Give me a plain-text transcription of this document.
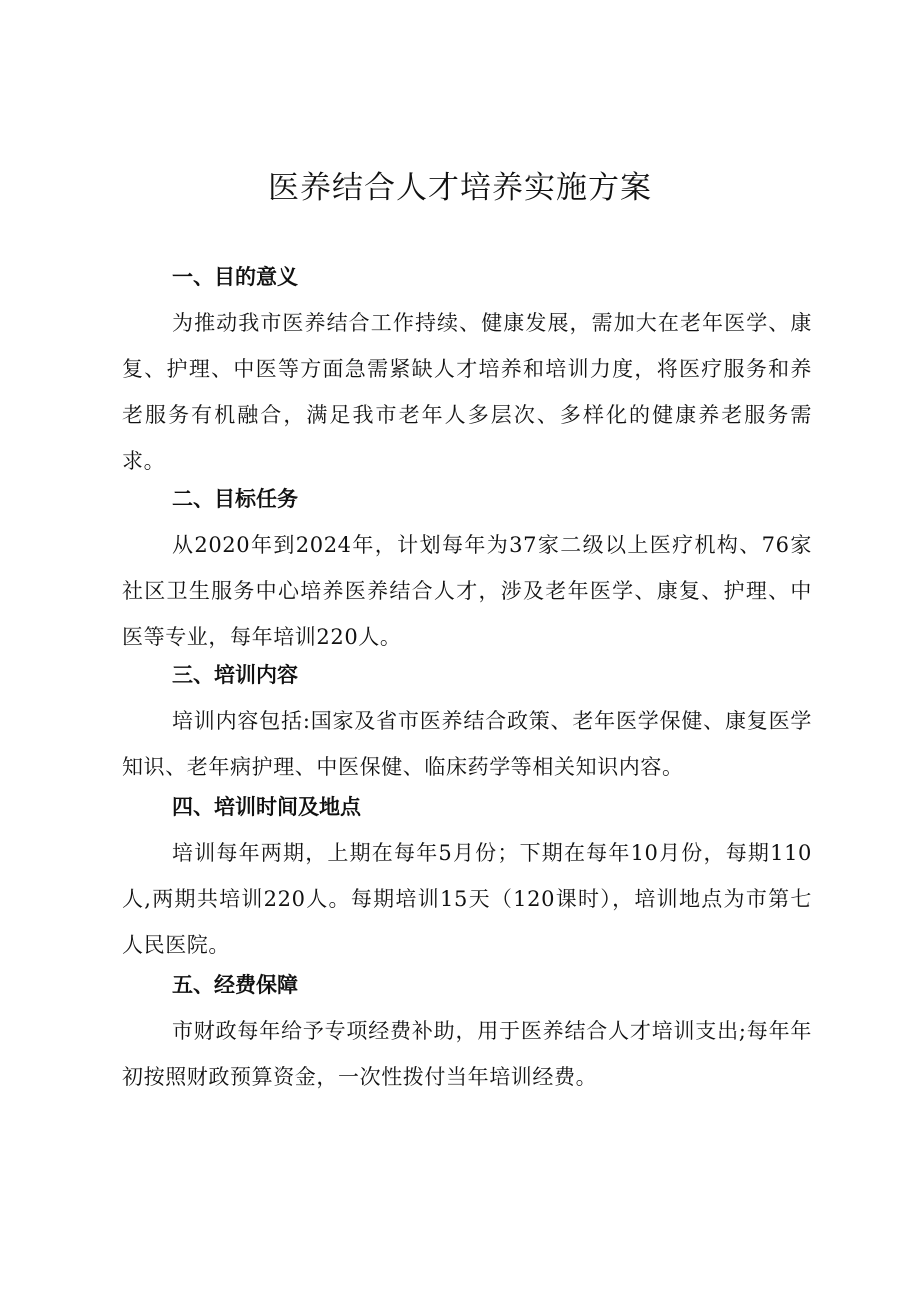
医养结合人才培养实施方案
一、目的意义

为推动我市医养结合工作持续、健康发展，需加大在老年医学、康复、护理、中医等方面急需紧缺人才培养和培训力度，将医疗服务和养老服务有机融合，满足我市老年人多层次、多样化的健康养老服务需求。

二、目标任务

从2020年到2024年，计划每年为37家二级以上医疗机构、76家社区卫生服务中心培养医养结合人才，涉及老年医学、康复、护理、中医等专业，每年培训220人。

三、培训内容

培训内容包括:国家及省市医养结合政策、老年医学保健、康复医学知识、老年病护理、中医保健、临床药学等相关知识内容。

四、培训时间及地点

培训每年两期，上期在每年5月份；下期在每年10月份，每期110人,两期共培训220人。每期培训15天（120课时），培训地点为市第七人民医院。

五、经费保障

市财政每年给予专项经费补助，用于医养结合人才培训支出;每年年初按照财政预算资金，一次性拨付当年培训经费。
